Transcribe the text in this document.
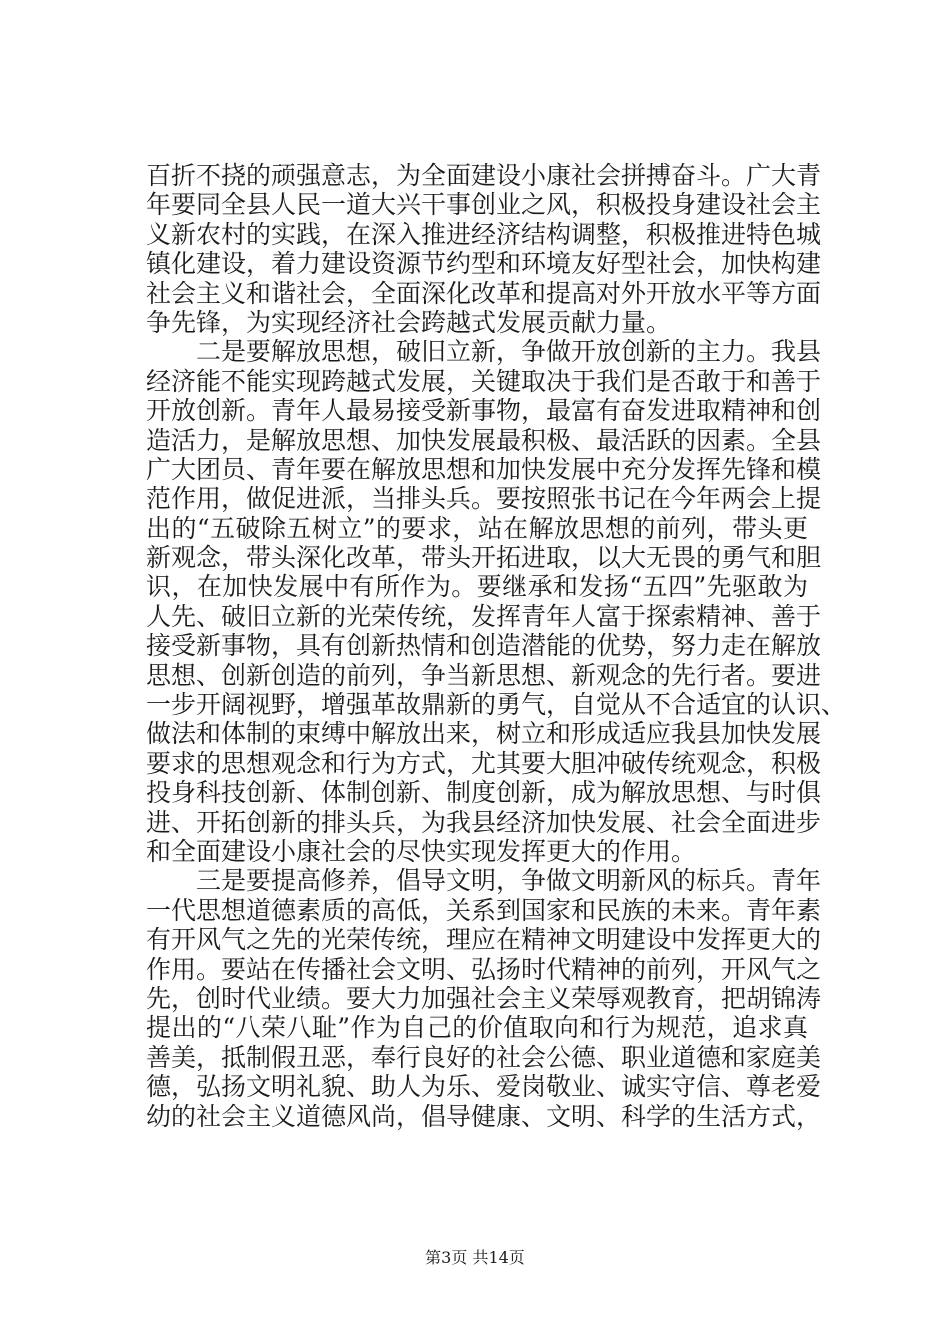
百折不挠的顽强意志，为全面建设小康社会拼搏奋斗。广大青
年要同全县人民一道大兴干事创业之风，积极投身建设社会主
义新农村的实践，在深入推进经济结构调整，积极推进特色城
镇化建设，着力建设资源节约型和环境友好型社会，加快构建
社会主义和谐社会，全面深化改革和提高对外开放水平等方面
争先锋，为实现经济社会跨越式发展贡献力量。
　　二是要解放思想，破旧立新，争做开放创新的主力。我县
经济能不能实现跨越式发展，关键取决于我们是否敢于和善于
开放创新。青年人最易接受新事物，最富有奋发进取精神和创
造活力，是解放思想、加快发展最积极、最活跃的因素。全县
广大团员、青年要在解放思想和加快发展中充分发挥先锋和模
范作用，做促进派，当排头兵。要按照张书记在今年两会上提
出的“五破除五树立”的要求，站在解放思想的前列，带头更
新观念，带头深化改革，带头开拓进取，以大无畏的勇气和胆
识，在加快发展中有所作为。要继承和发扬“五四”先驱敢为
人先、破旧立新的光荣传统，发挥青年人富于探索精神、善于
接受新事物，具有创新热情和创造潜能的优势，努力走在解放
思想、创新创造的前列，争当新思想、新观念的先行者。要进
一步开阔视野，增强革故鼎新的勇气，自觉从不合适宜的认识、
做法和体制的束缚中解放出来，树立和形成适应我县加快发展
要求的思想观念和行为方式，尤其要大胆冲破传统观念，积极
投身科技创新、体制创新、制度创新，成为解放思想、与时俱
进、开拓创新的排头兵，为我县经济加快发展、社会全面进步
和全面建设小康社会的尽快实现发挥更大的作用。
　　三是要提高修养，倡导文明，争做文明新风的标兵。青年
一代思想道德素质的高低，关系到国家和民族的未来。青年素
有开风气之先的光荣传统，理应在精神文明建设中发挥更大的
作用。要站在传播社会文明、弘扬时代精神的前列，开风气之
先，创时代业绩。要大力加强社会主义荣辱观教育，把胡锦涛
提出的“八荣八耻”作为自己的价值取向和行为规范，追求真
善美，抵制假丑恶，奉行良好的社会公德、职业道德和家庭美
德，弘扬文明礼貌、助人为乐、爱岗敬业、诚实守信、尊老爱
幼的社会主义道德风尚，倡导健康、文明、科学的生活方式，
第3页 共14页
